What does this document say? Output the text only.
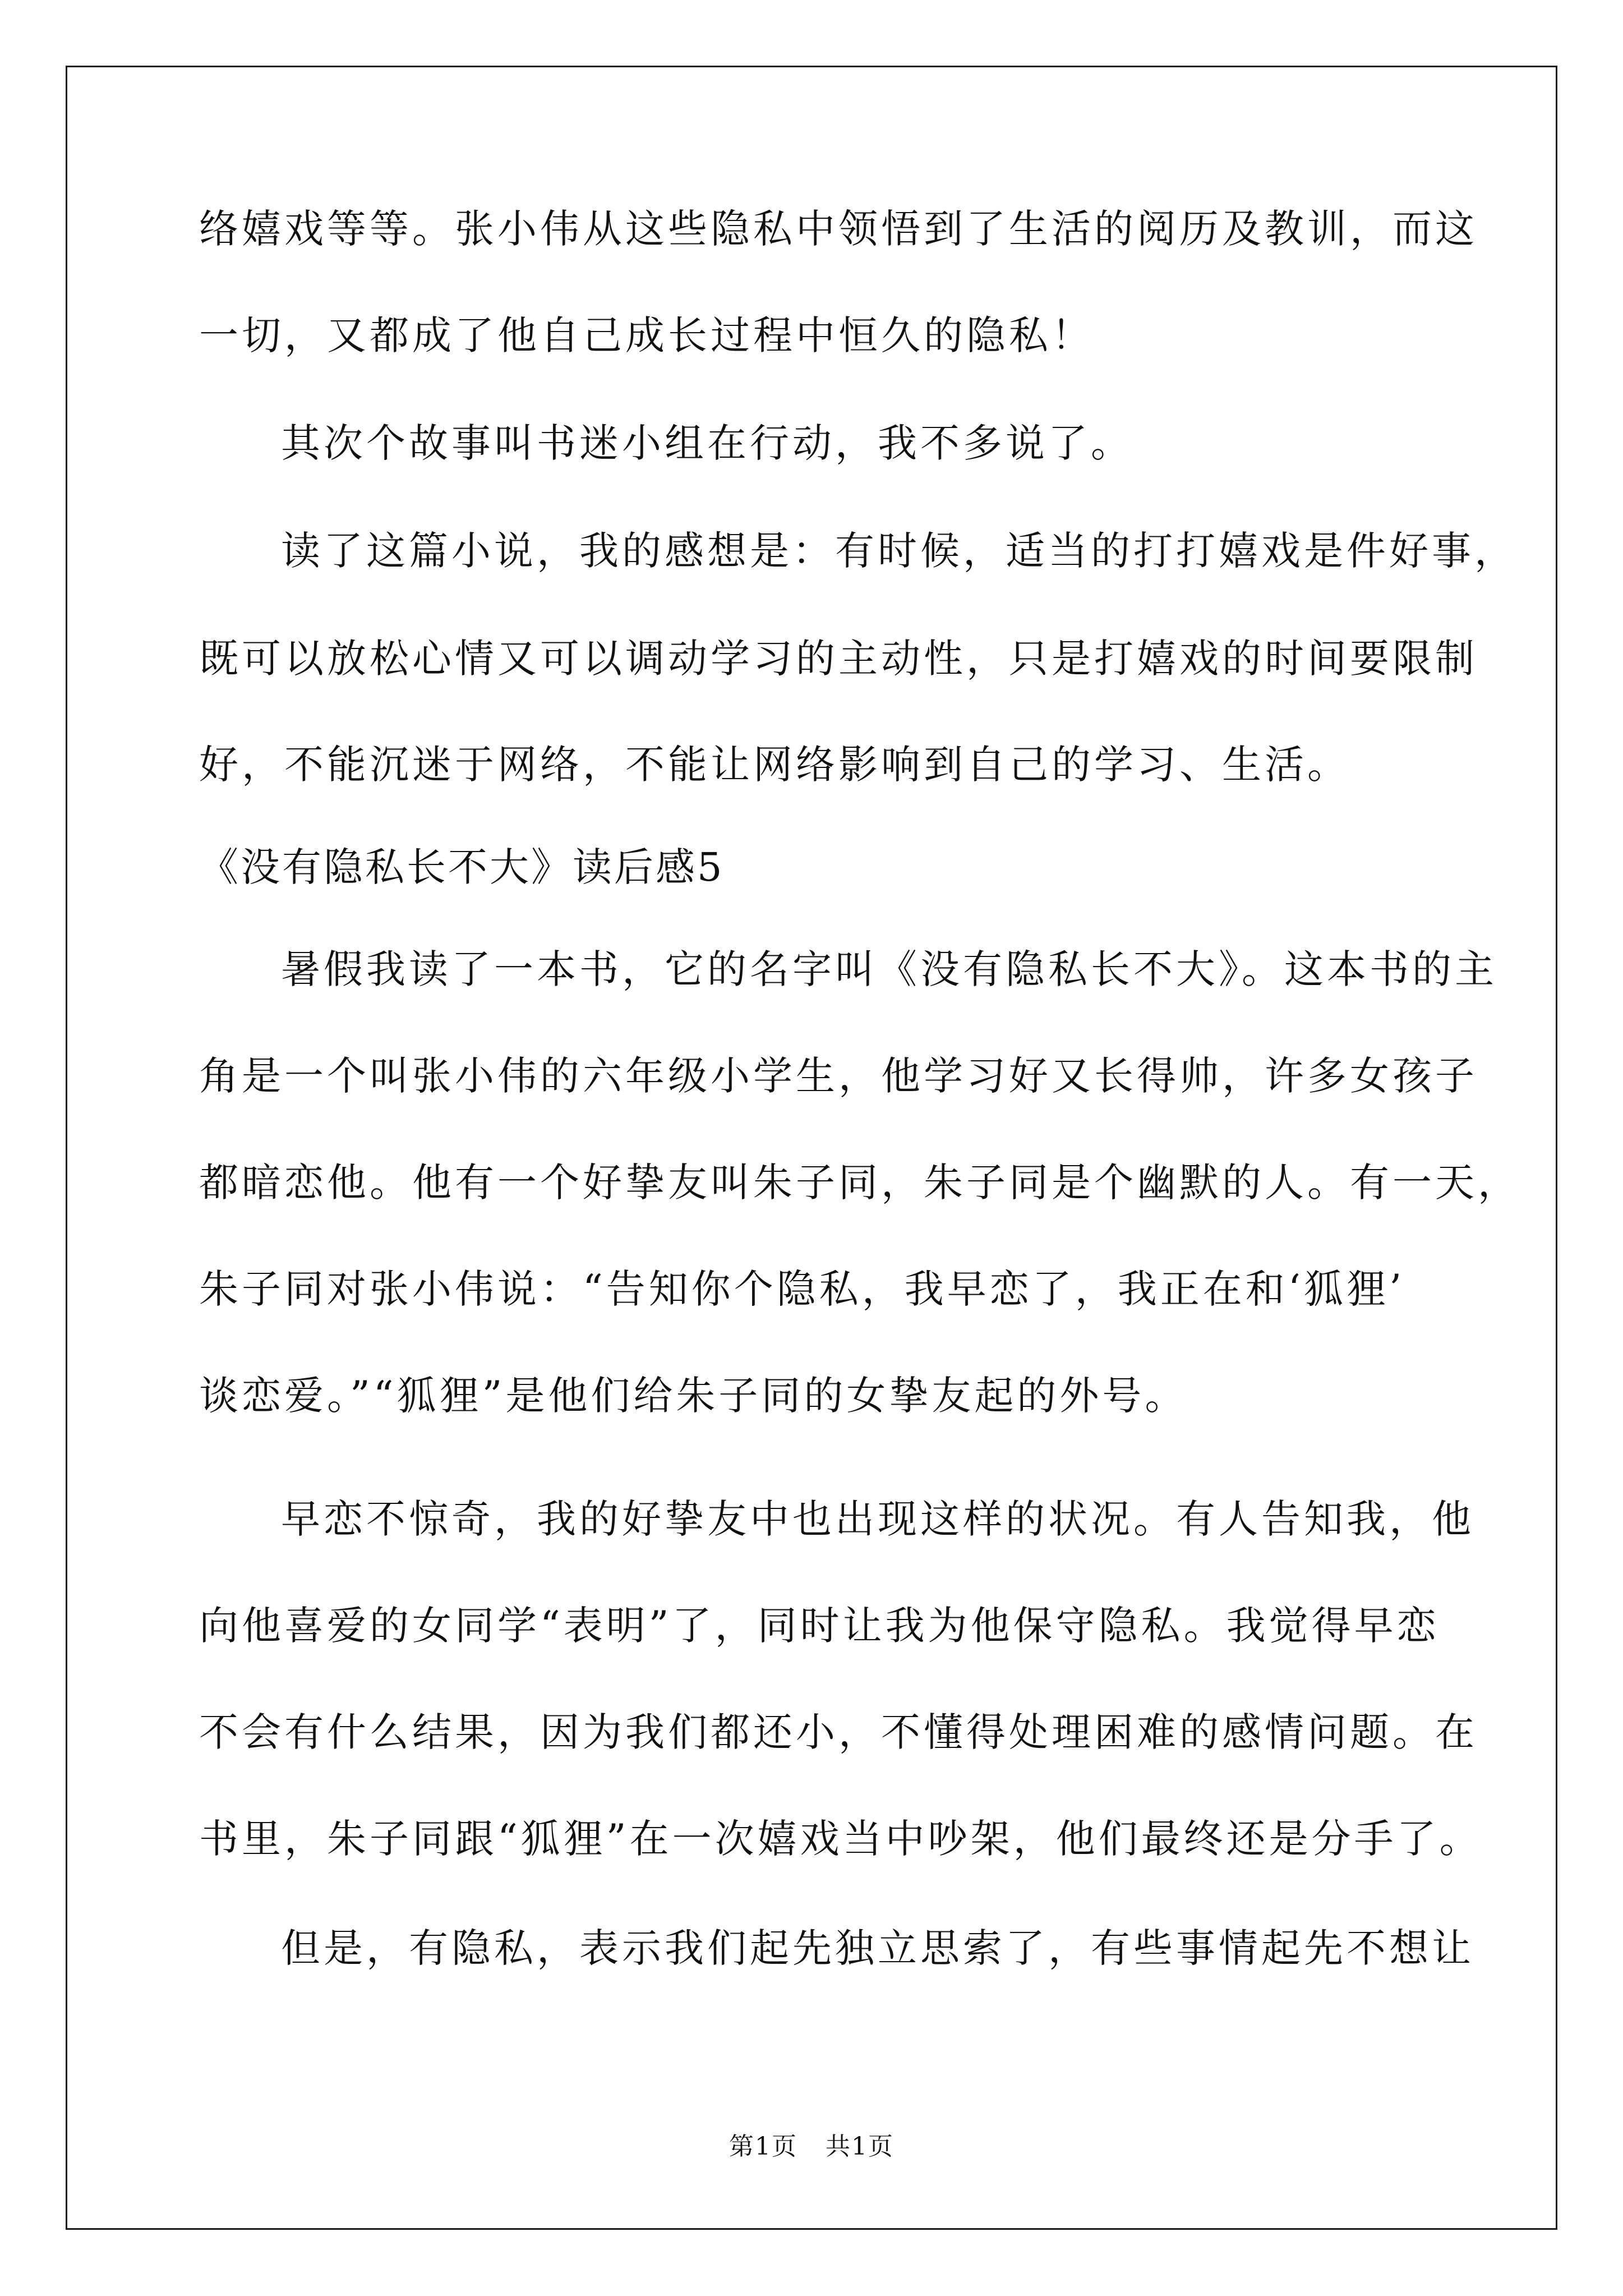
络嬉戏等等。张小伟从这些隐私中领悟到了生活的阅历及教训，而这
一切，又都成了他自己成长过程中恒久的隐私！
其次个故事叫书迷小组在行动，我不多说了。
读了这篇小说，我的感想是：有时候，适当的打打嬉戏是件好事，
既可以放松心情又可以调动学习的主动性，只是打嬉戏的时间要限制
好，不能沉迷于网络，不能让网络影响到自己的学习、生活。
《没有隐私长不大》读后感5
暑假我读了一本书，它的名字叫《没有隐私长不大》。这本书的主
角是一个叫张小伟的六年级小学生，他学习好又长得帅，许多女孩子
都暗恋他。他有一个好挚友叫朱子同，朱子同是个幽默的人。有一天，
朱子同对张小伟说：“告知你个隐私，我早恋了，我正在和‘狐狸’
谈恋爱。”“狐狸”是他们给朱子同的女挚友起的外号。
早恋不惊奇，我的好挚友中也出现这样的状况。有人告知我，他
向他喜爱的女同学“表明”了，同时让我为他保守隐私。我觉得早恋
不会有什么结果，因为我们都还小，不懂得处理困难的感情问题。在
书里，朱子同跟“狐狸”在一次嬉戏当中吵架，他们最终还是分手了。
但是，有隐私，表示我们起先独立思索了，有些事情起先不想让
第1页 共1页
